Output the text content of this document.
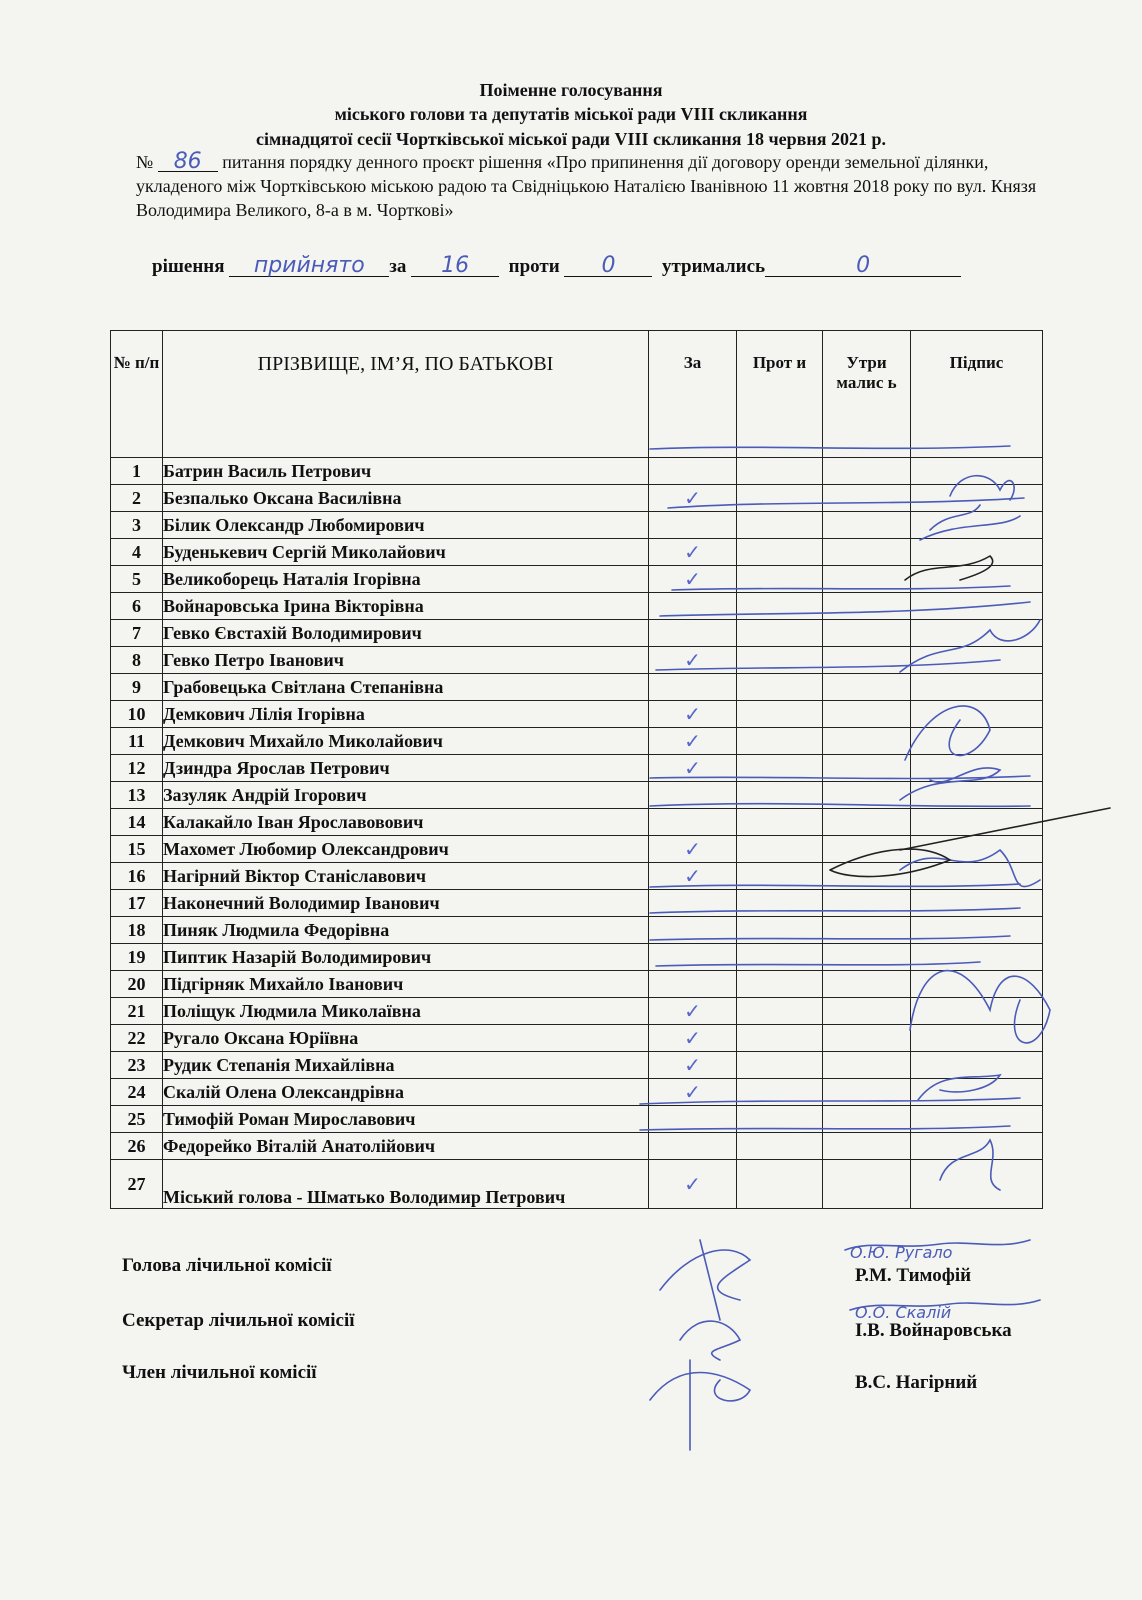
Поіменне голосування
міського голови та депутатів міської ради VIII скликання
сімнадцятої сесії Чортківської міської ради VIII скликання 18 червня 2021 р.
№ 86 питання порядку денного проєкт рішення «Про припинення дії договору оренди земельної ділянки, укладеного між Чортківською міською радою та Свідніцькою Наталією Іванівною 11 жовтня 2018 року по вул. Князя Володимира Великого, 8-а в м. Чорткові»
рішення прийнято за 16 проти 0 утримались	0
№ п/п	ПРІЗВИЩЕ, ІМ’Я, ПО БАТЬКОВІ	За	Прот и	Утри малис ь	Підпис
1	Батрин Василь Петрович				
2	Безпалько Оксана Василівна	✓			
3	Білик Олександр Любомирович				
4	Буденькевич Сергій Миколайович	✓			
5	Великоборець Наталія Ігорівна	✓			
6	Войнаровська Ірина Вікторівна				
7	Гевко Євстахій Володимирович				
8	Гевко Петро Іванович	✓			
9	Грабовецька Світлана Степанівна				
10	Демкович Лілія Ігорівна	✓			
11	Демкович Михайло Миколайович	✓			
12	Дзиндра Ярослав Петрович	✓			
13	Зазуляк Андрій Ігорович				
14	Калакайло Іван Ярославовович				
15	Махомет Любомир Олександрович	✓			
16	Нагірний Віктор Станіславович	✓			
17	Наконечний Володимир Іванович				
18	Пиняк Людмила Федорівна				
19	Пиптик Назарій Володимирович				
20	Підгірняк Михайло Іванович				
21	Поліщук Людмила Миколаївна	✓			
22	Ругало Оксана Юріївна	✓			
23	Рудик Степанія Михайлівна	✓			
24	Скалій Олена Олександрівна	✓			
25	Тимофій Роман Мирославович				
26	Федорейко Віталій Анатолійович				
27	Міський голова - Шматько Володимир Петрович	✓			
О.Ю. Ругало
О.О. Скалій
Голова лічильної комісії	Р.М. Тимофій
Секретар лічильної комісії	І.В. Войнаровська
Член лічильної комісії	В.С. Нагірний
